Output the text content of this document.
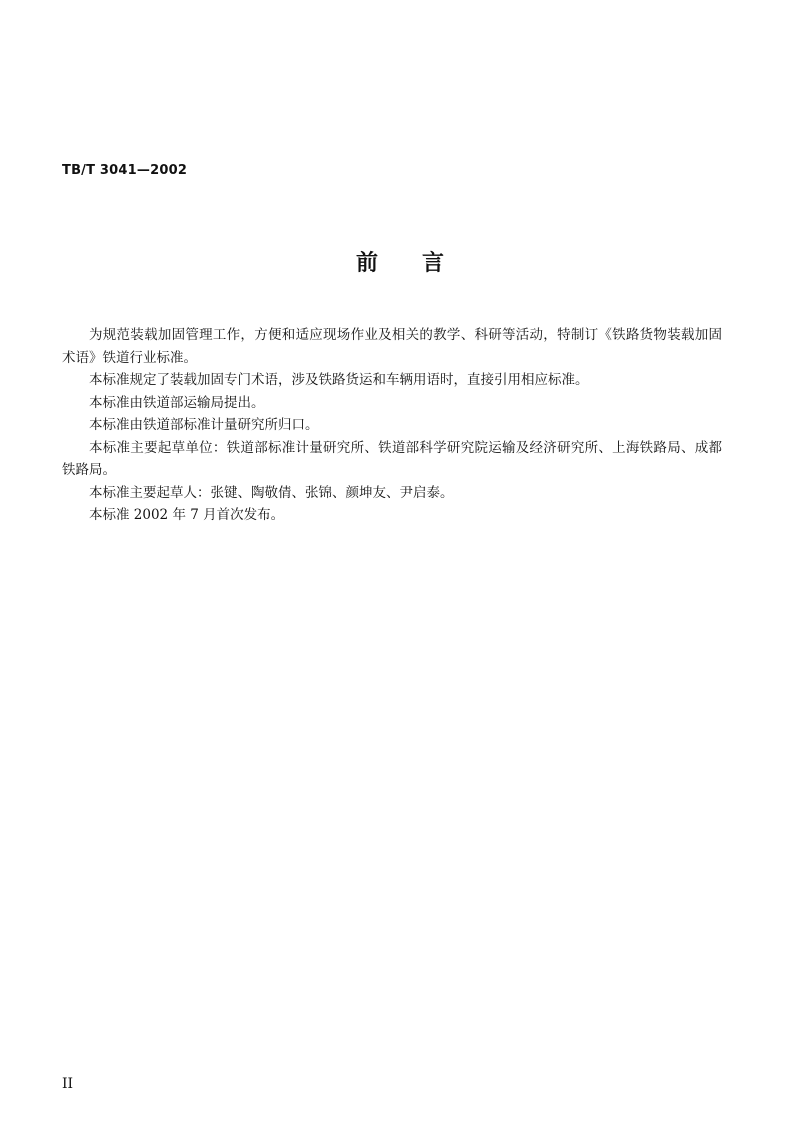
TB/T 3041—2002

前 言

为规范装载加固管理工作，方便和适应现场作业及相关的教学、科研等活动，特制订《铁路货物装载加固术语》铁道行业标准。

本标准规定了装载加固专门术语，涉及铁路货运和车辆用语时，直接引用相应标准。

本标准由铁道部运输局提出。

本标准由铁道部标准计量研究所归口。

本标准主要起草单位：铁道部标准计量研究所、铁道部科学研究院运输及经济研究所、上海铁路局、成都铁路局。

本标准主要起草人：张键、陶敬倩、张锦、颜坤友、尹启泰。

本标准 2002 年 7 月首次发布。

II
